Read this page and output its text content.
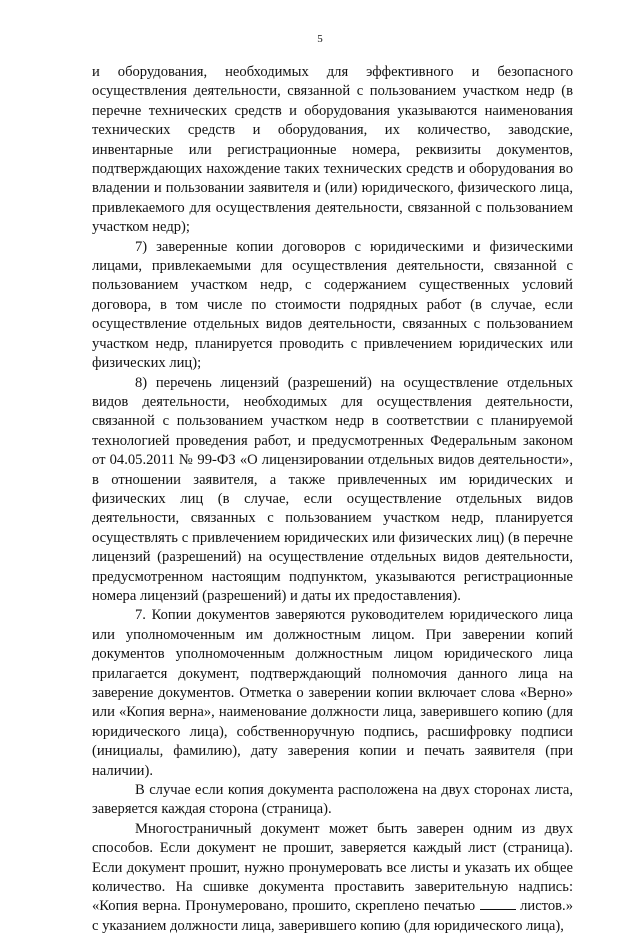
5

и оборудования, необходимых для эффективного и безопасного осуществления деятельности, связанной с пользованием участком недр (в перечне технических средств и оборудования указываются наименования технических средств и оборудования, их количество, заводские, инвентарные или регистрационные номера, реквизиты документов, подтверждающих нахождение таких технических средств и оборудования во владении и пользовании заявителя и (или) юридического, физического лица, привлекаемого для осуществления деятельности, связанной с пользованием участком недр);

7) заверенные копии договоров с юридическими и физическими лицами, привлекаемыми для осуществления деятельности, связанной с пользованием участком недр, с содержанием существенных условий договора, в том числе по стоимости подрядных работ (в случае, если осуществление отдельных видов деятельности, связанных с пользованием участком недр, планируется проводить с привлечением юридических или физических лиц);

8) перечень лицензий (разрешений) на осуществление отдельных видов деятельности, необходимых для осуществления деятельности, связанной с пользованием участком недр в соответствии с планируемой технологией проведения работ, и предусмотренных Федеральным законом от 04.05.2011 № 99-ФЗ «О лицензировании отдельных видов деятельности», в отношении заявителя, а также привлеченных им юридических и физических лиц (в случае, если осуществление отдельных видов деятельности, связанных с пользованием участком недр, планируется осуществлять с привлечением юридических или физических лиц) (в перечне лицензий (разрешений) на осуществление отдельных видов деятельности, предусмотренном настоящим подпунктом, указываются регистрационные номера лицензий (разрешений) и даты их предоставления).

7. Копии документов заверяются руководителем юридического лица или уполномоченным им должностным лицом. При заверении копий документов уполномоченным должностным лицом юридического лица прилагается документ, подтверждающий полномочия данного лица на заверение документов. Отметка о заверении копии включает слова «Верно» или «Копия верна», наименование должности лица, заверившего копию (для юридического лица), собственноручную подпись, расшифровку подписи (инициалы, фамилию), дату заверения копии и печать заявителя (при наличии).

В случае если копия документа расположена на двух сторонах листа, заверяется каждая сторона (страница).

Многостраничный документ может быть заверен одним из двух способов. Если документ не прошит, заверяется каждый лист (страница). Если документ прошит, нужно пронумеровать все листы и указать их общее количество. На сшивке документа проставить заверительную надпись: «Копия верна. Пронумеровано, прошито, скреплено печатью	листов.» с указанием должности лица, заверившего копию (для юридического лица),
